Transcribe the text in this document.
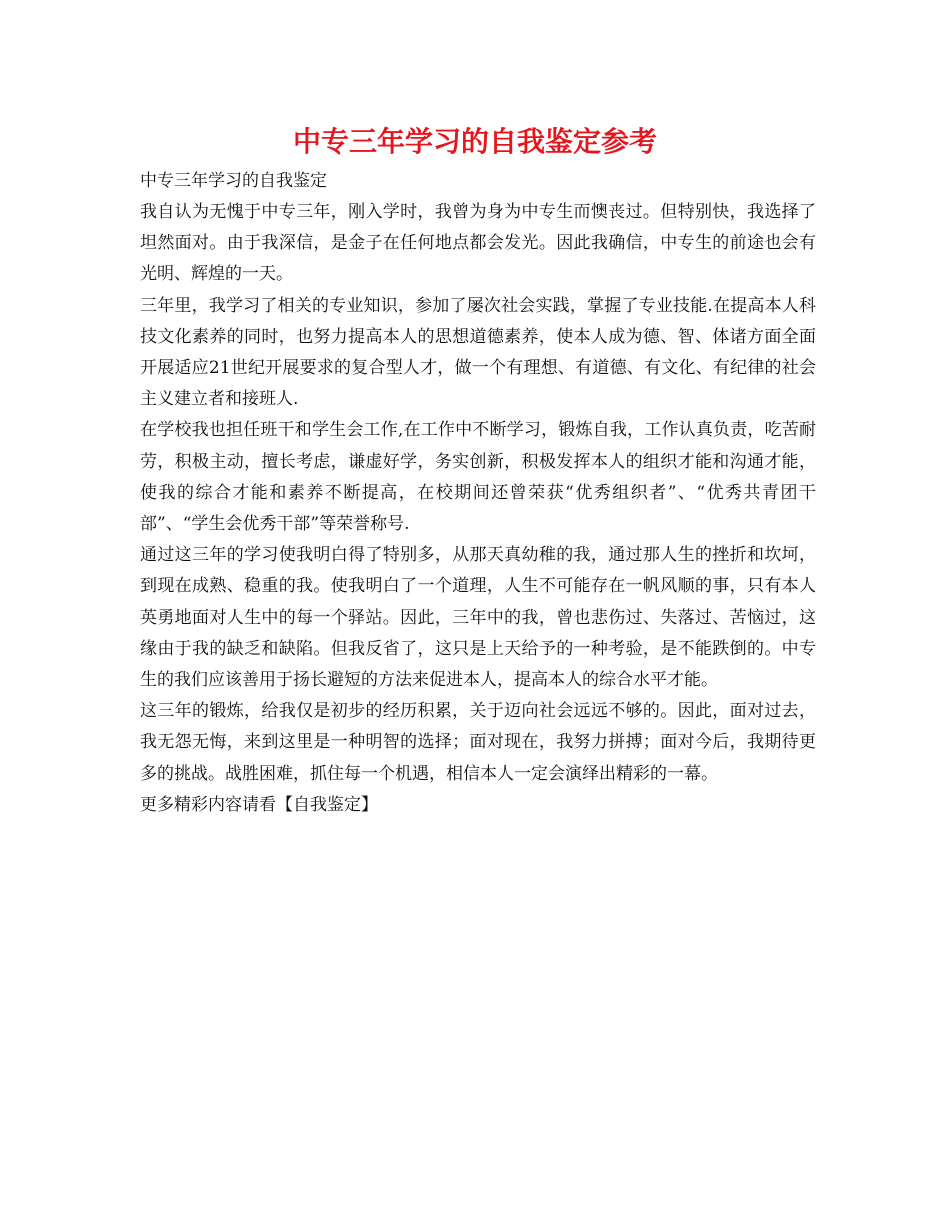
中专三年学习的自我鉴定参考
中专三年学习的自我鉴定

我自认为无愧于中专三年，刚入学时，我曾为身为中专生而懊丧过。但特别快，我选择了坦然面对。由于我深信，是金子在任何地点都会发光。因此我确信，中专生的前途也会有光明、辉煌的一天。

三年里，我学习了相关的专业知识，参加了屡次社会实践，掌握了专业技能.在提高本人科技文化素养的同时，也努力提高本人的思想道德素养，使本人成为德、智、体诸方面全面开展适应21世纪开展要求的复合型人才，做一个有理想、有道德、有文化、有纪律的社会主义建立者和接班人.

在学校我也担任班干和学生会工作,在工作中不断学习，锻炼自我，工作认真负责，吃苦耐劳，积极主动，擅长考虑，谦虚好学，务实创新，积极发挥本人的组织才能和沟通才能，使我的综合才能和素养不断提高，在校期间还曾荣获“优秀组织者”、“优秀共青团干部”、“学生会优秀干部”等荣誉称号.

通过这三年的学习使我明白得了特别多，从那天真幼稚的我，通过那人生的挫折和坎坷，到现在成熟、稳重的我。使我明白了一个道理，人生不可能存在一帆风顺的事，只有本人英勇地面对人生中的每一个驿站。因此，三年中的我，曾也悲伤过、失落过、苦恼过，这缘由于我的缺乏和缺陷。但我反省了，这只是上天给予的一种考验，是不能跌倒的。中专生的我们应该善用于扬长避短的方法来促进本人，提高本人的综合水平才能。

这三年的锻炼，给我仅是初步的经历积累，关于迈向社会远远不够的。因此，面对过去，我无怨无悔，来到这里是一种明智的选择；面对现在，我努力拼搏；面对今后，我期待更多的挑战。战胜困难，抓住每一个机遇，相信本人一定会演绎出精彩的一幕。

更多精彩内容请看【自我鉴定】
